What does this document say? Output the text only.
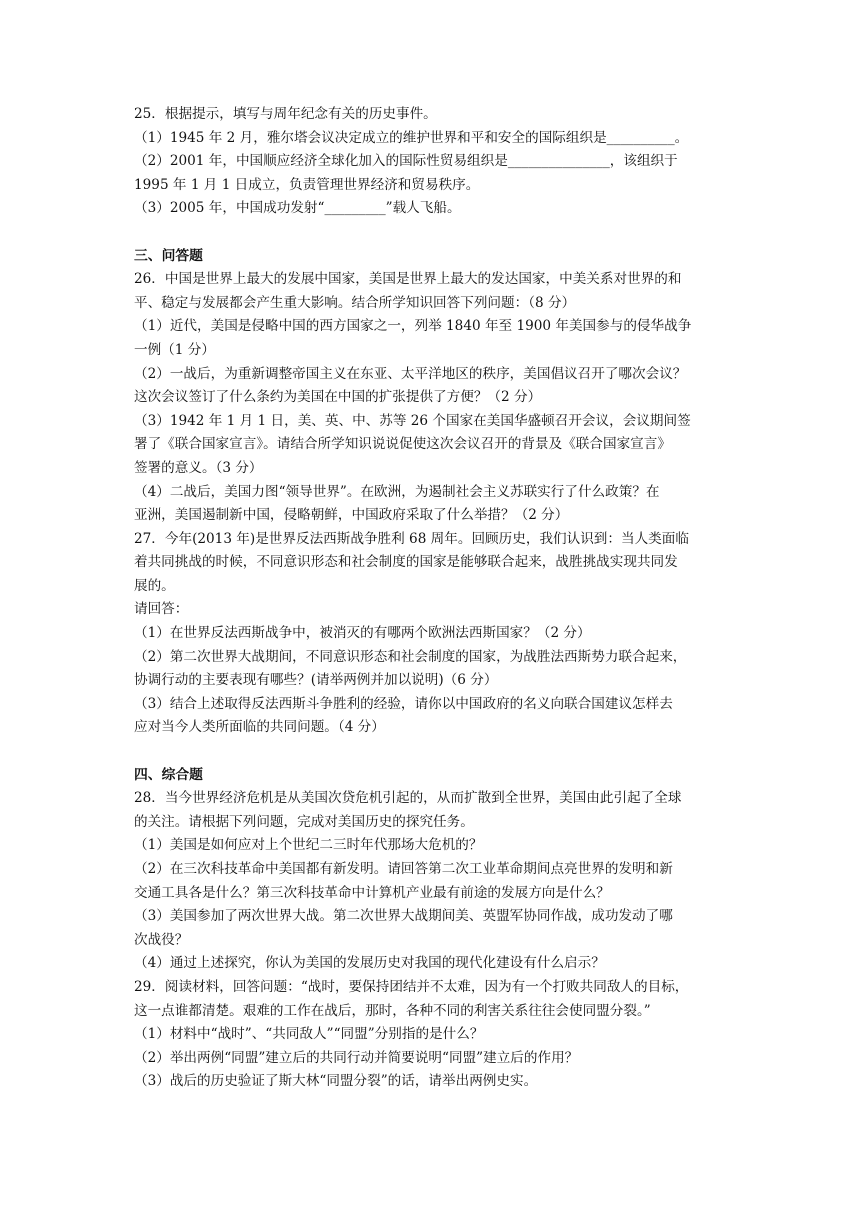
25．根据提示，填写与周年纪念有关的历史事件。
（1）1945 年 2 月，雅尔塔会议决定成立的维护世界和平和安全的国际组织是__________。
（2）2001 年，中国顺应经济全球化加入的国际性贸易组织是_______________，该组织于
1995 年 1 月 1 日成立，负责管理世界经济和贸易秩序。
（3）2005 年，中国成功发射“_________”载人飞船。
三、问答题
26．中国是世界上最大的发展中国家，美国是世界上最大的发达国家，中美关系对世界的和
平、稳定与发展都会产生重大影响。结合所学知识回答下列问题：（8 分）
（1）近代，美国是侵略中国的西方国家之一，列举 1840 年至 1900 年美国参与的侵华战争
一例（1 分）
（2）一战后，为重新调整帝国主义在东亚、太平洋地区的秩序，美国倡议召开了哪次会议？
这次会议签订了什么条约为美国在中国的扩张提供了方便？（2 分）
（3）1942 年 1 月 1 日，美、英、中、苏等 26 个国家在美国华盛顿召开会议，会议期间签
署了《联合国家宣言》。请结合所学知识说说促使这次会议召开的背景及《联合国家宣言》
签署的意义。（3 分）
（4）二战后，美国力图“领导世界”。在欧洲，为遏制社会主义苏联实行了什么政策？在
亚洲，美国遏制新中国，侵略朝鲜，中国政府采取了什么举措？（2 分）
27．今年(2013 年)是世界反法西斯战争胜利 68 周年。回顾历史，我们认识到：当人类面临
着共同挑战的时候，不同意识形态和社会制度的国家是能够联合起来，战胜挑战实现共同发
展的。
请回答：
（1）在世界反法西斯战争中，被消灭的有哪两个欧洲法西斯国家？（2 分）
（2）第二次世界大战期间，不同意识形态和社会制度的国家，为战胜法西斯势力联合起来，
协调行动的主要表现有哪些？(请举两例并加以说明)（6 分）
（3）结合上述取得反法西斯斗争胜利的经验，请你以中国政府的名义向联合国建议怎样去
应对当今人类所面临的共同问题。（4 分）
四、综合题
28．当今世界经济危机是从美国次贷危机引起的，从而扩散到全世界，美国由此引起了全球
的关注。请根据下列问题，完成对美国历史的探究任务。
（1）美国是如何应对上个世纪二三时年代那场大危机的？
（2）在三次科技革命中美国都有新发明。请回答第二次工业革命期间点亮世界的发明和新
交通工具各是什么？第三次科技革命中计算机产业最有前途的发展方向是什么？
（3）美国参加了两次世界大战。第二次世界大战期间美、英盟军协同作战，成功发动了哪
次战役？
（4）通过上述探究，你认为美国的发展历史对我国的现代化建设有什么启示？
29．阅读材料，回答问题：“战时，要保持团结并不太难，因为有一个打败共同敌人的目标，
这一点谁都清楚。艰难的工作在战后，那时，各种不同的利害关系往往会使同盟分裂。”
（1）材料中“战时”、“共同敌人”“同盟”分别指的是什么？
（2）举出两例“同盟”建立后的共同行动并简要说明“同盟”建立后的作用？
（3）战后的历史验证了斯大林“同盟分裂”的话，请举出两例史实。
